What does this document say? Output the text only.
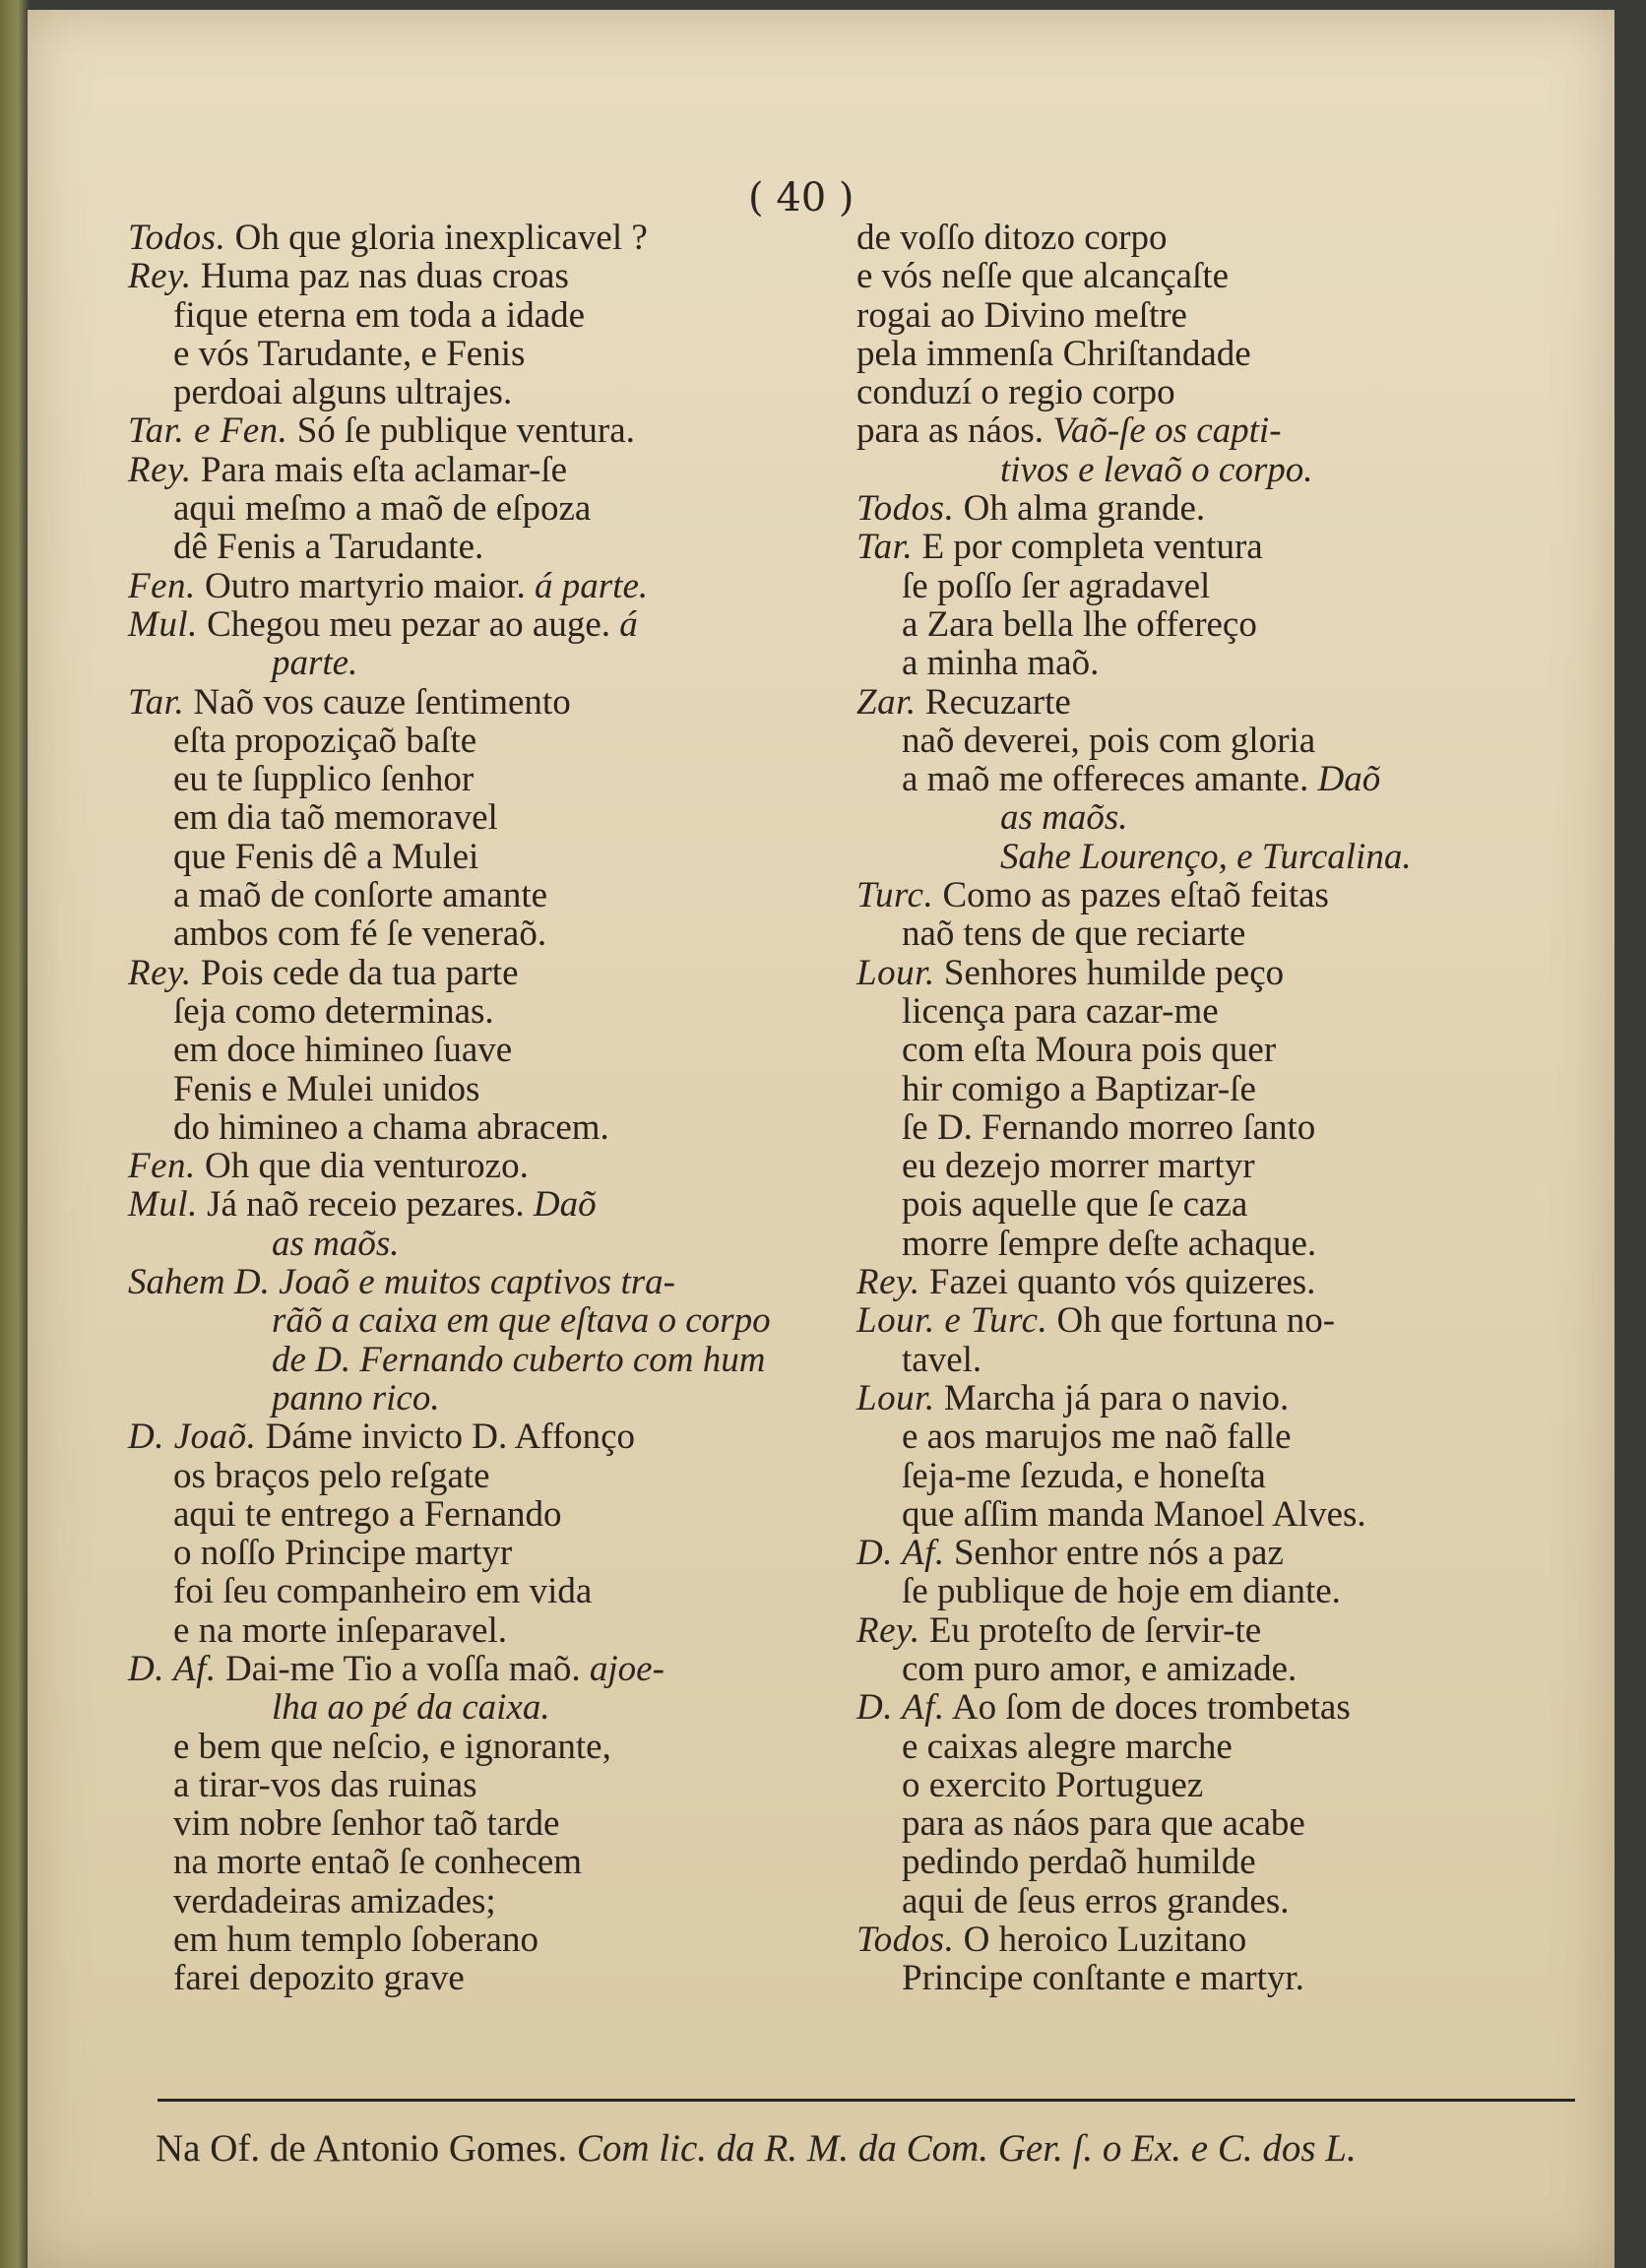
( 40 )
Todos. Oh que gloria inexplicavel ?
Rey. Huma paz nas duas croas
fique eterna em toda a idade
e vós Tarudante, e Fenis
perdoai alguns ultrajes.
Tar. e Fen. Só ſe publique ventura.
Rey. Para mais eſta aclamar-ſe
aqui meſmo a maõ de eſpoza
dê Fenis a Tarudante.
Fen. Outro martyrio maior. á parte.
Mul. Chegou meu pezar ao auge. á
parte.
Tar. Naõ vos cauze ſentimento
eſta propoziçaõ baſte
eu te ſupplico ſenhor
em dia taõ memoravel
que Fenis dê a Mulei
a maõ de conſorte amante
ambos com fé ſe veneraõ.
Rey. Pois cede da tua parte
ſeja como determinas.
em doce himineo ſuave
Fenis e Mulei unidos
do himineo a chama abracem.
Fen. Oh que dia venturozo.
Mul. Já naõ receio pezares. Daõ
as maõs.
Sahem D. Joaõ e muitos captivos tra-
rãõ a caixa em que eſtava o corpo
de D. Fernando cuberto com hum
panno rico.
D. Joaõ. Dáme invicto D. Affonço
os braços pelo reſgate
aqui te entrego a Fernando
o noſſo Principe martyr
foi ſeu companheiro em vida
e na morte inſeparavel.
D. Af. Dai-me Tio a voſſa maõ. ajoe-
lha ao pé da caixa.
e bem que neſcio, e ignorante,
a tirar-vos das ruinas
vim nobre ſenhor taõ tarde
na morte entaõ ſe conhecem
verdadeiras amizades;
em hum templo ſoberano
farei depozito grave
de voſſo ditozo corpo
e vós neſſe que alcançaſte
rogai ao Divino meſtre
pela immenſa Chriſtandade
conduzí o regio corpo
para as náos. Vaõ-ſe os capti-
tivos e levaõ o corpo.
Todos. Oh alma grande.
Tar. E por completa ventura
ſe poſſo ſer agradavel
a Zara bella lhe offereço
a minha maõ.
Zar. Recuzarte
naõ deverei, pois com gloria
a maõ me offereces amante. Daõ
as maõs.
Sahe Lourenço, e Turcalina.
Turc. Como as pazes eſtaõ feitas
naõ tens de que reciarte
Lour. Senhores humilde peço
licença para cazar-me
com eſta Moura pois quer
hir comigo a Baptizar-ſe
ſe D. Fernando morreo ſanto
eu dezejo morrer martyr
pois aquelle que ſe caza
morre ſempre deſte achaque.
Rey. Fazei quanto vós quizeres.
Lour. e Turc. Oh que fortuna no-
tavel.
Lour. Marcha já para o navio.
e aos marujos me naõ falle
ſeja-me ſezuda, e honeſta
que aſſim manda Manoel Alves.
D. Af. Senhor entre nós a paz
ſe publique de hoje em diante.
Rey. Eu proteſto de ſervir-te
com puro amor, e amizade.
D. Af. Ao ſom de doces trombetas
e caixas alegre marche
o exercito Portuguez
para as náos para que acabe
pedindo perdaõ humilde
aqui de ſeus erros grandes.
Todos. O heroico Luzitano
Principe conſtante e martyr.
Na Of. de Antonio Gomes. Com lic. da R. M. da Com. Ger. ſ. o Ex. e C. dos L.
